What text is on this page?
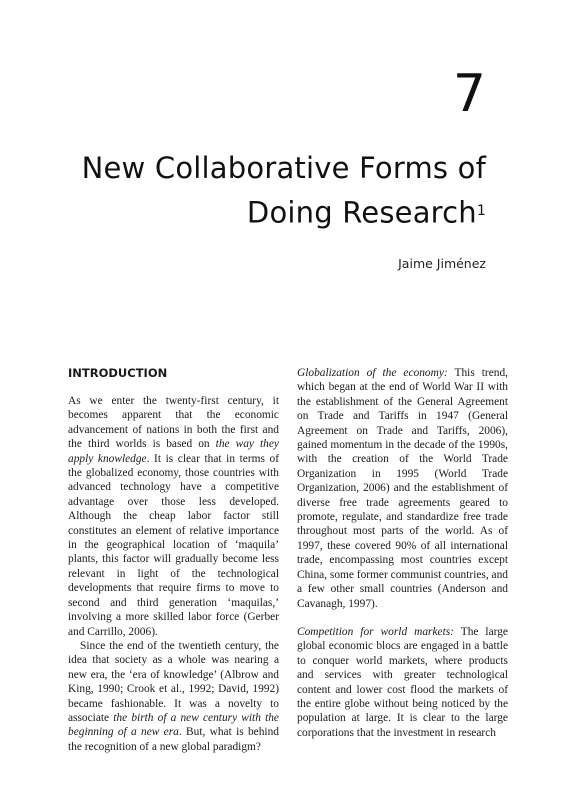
7
New Collaborative Forms of
Doing Research$^1$
Jaime Jiménez
INTRODUCTION

As we enter the twenty-first century, it becomes apparent that the economic advancement of nations in both the first and the third worlds is based on the way they apply knowledge. It is clear that in terms of the globalized economy, those countries with advanced technology have a competitive advantage over those less developed. Although the cheap labor factor still constitutes an element of relative importance in the geographical location of ‘maquila’ plants, this factor will gradually become less relevant in light of the technological developments that require firms to move to second and third generation ‘maquilas,’ involving a more skilled labor force (Gerber and Carrillo, 2006).

Since the end of the twentieth century, the idea that society as a whole was nearing a new era, the ‘era of knowledge’ (Albrow and King, 1990; Crook et al., 1992; David, 1992) became fashionable. It was a novelty to associate the birth of a new century with the beginning of a new era. But, what is behind the recognition of a new global paradigm?

Globalization of the economy: This trend, which began at the end of World War II with the establishment of the General Agreement on Trade and Tariffs in 1947 (General Agreement on Trade and Tariffs, 2006), gained momentum in the decade of the 1990s, with the creation of the World Trade Organization in 1995 (World Trade Organization, 2006) and the establishment of diverse free trade agreements geared to promote, regulate, and standardize free trade throughout most parts of the world. As of 1997, these covered 90% of all international trade, encompassing most countries except China, some former communist countries, and a few other small countries (Anderson and Cavanagh, 1997).

Competition for world markets: The large global economic blocs are engaged in a battle to conquer world markets, where products and services with greater technological content and lower cost flood the markets of the entire globe without being noticed by the population at large. It is clear to the large corporations that the investment in research
